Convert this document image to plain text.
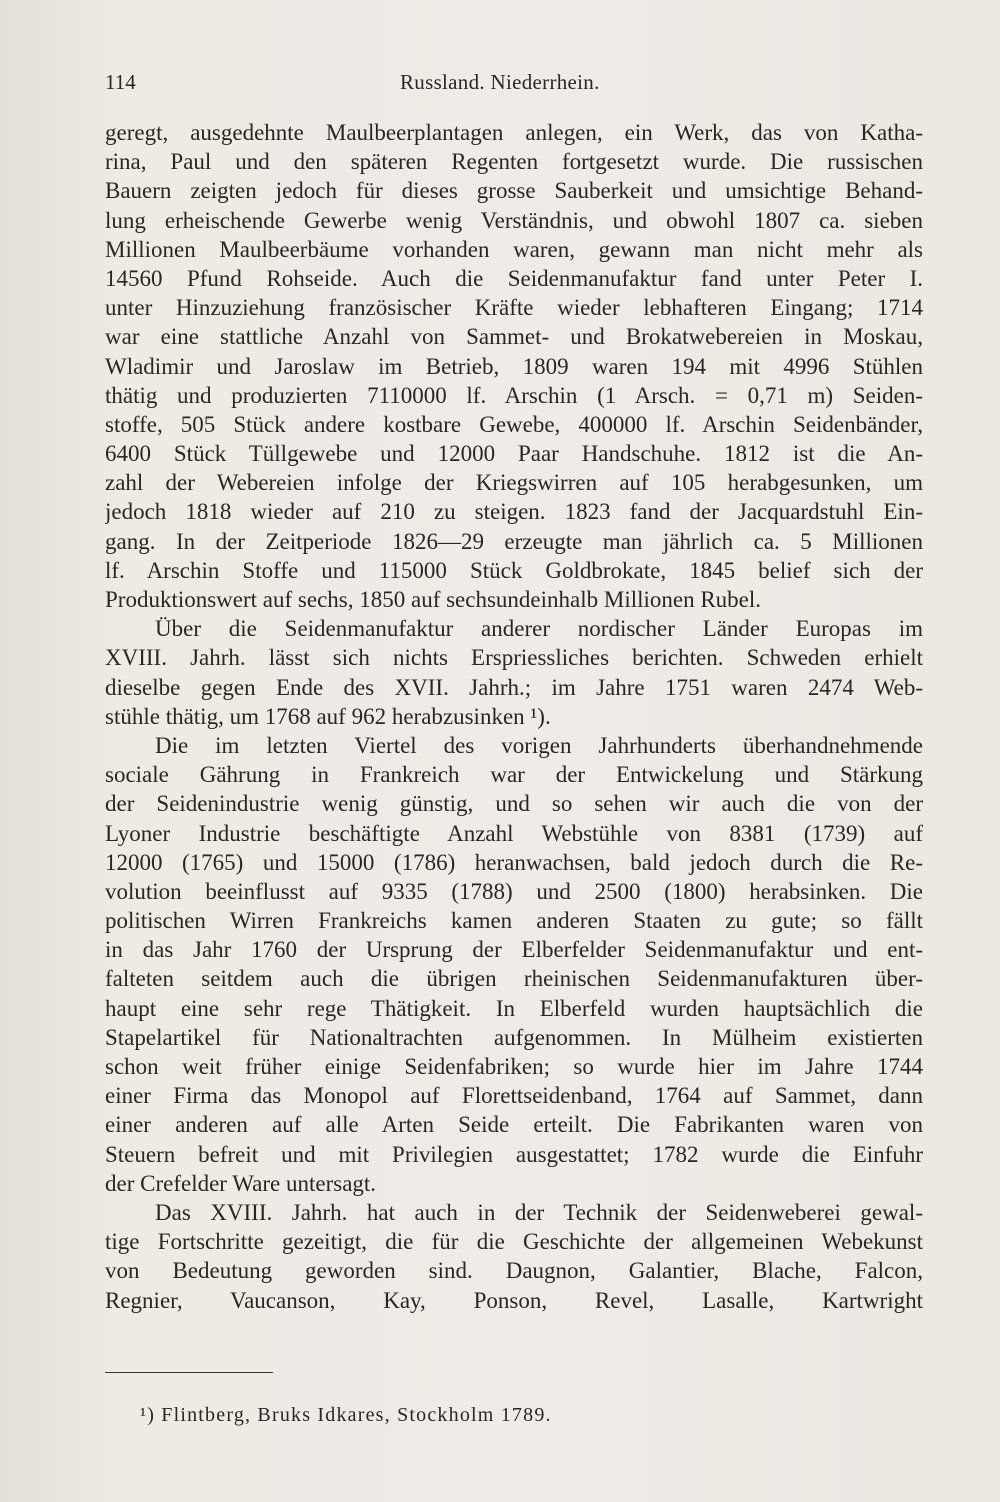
114	Russland. Niederrhein.
geregt, ausgedehnte Maulbeerplantagen anlegen, ein Werk, das von Katha-
rina, Paul und den späteren Regenten fortgesetzt wurde. Die russischen
Bauern zeigten jedoch für dieses grosse Sauberkeit und umsichtige Behand-
lung erheischende Gewerbe wenig Verständnis, und obwohl 1807 ca. sieben
Millionen Maulbeerbäume vorhanden waren, gewann man nicht mehr als
14560 Pfund Rohseide. Auch die Seidenmanufaktur fand unter Peter I.
unter Hinzuziehung französischer Kräfte wieder lebhafteren Eingang; 1714
war eine stattliche Anzahl von Sammet- und Brokatwebereien in Moskau,
Wladimir und Jaroslaw im Betrieb, 1809 waren 194 mit 4996 Stühlen
thätig und produzierten 7110000 lf. Arschin (1 Arsch. = 0,71 m) Seiden-
stoffe, 505 Stück andere kostbare Gewebe, 400000 lf. Arschin Seidenbänder,
6400 Stück Tüllgewebe und 12000 Paar Handschuhe. 1812 ist die An-
zahl der Webereien infolge der Kriegswirren auf 105 herabgesunken, um
jedoch 1818 wieder auf 210 zu steigen. 1823 fand der Jacquardstuhl Ein-
gang. In der Zeitperiode 1826—29 erzeugte man jährlich ca. 5 Millionen
lf. Arschin Stoffe und 115000 Stück Goldbrokate, 1845 belief sich der
Produktionswert auf sechs, 1850 auf sechsundeinhalb Millionen Rubel.
Über die Seidenmanufaktur anderer nordischer Länder Europas im
XVIII. Jahrh. lässt sich nichts Erspriessliches berichten. Schweden erhielt
dieselbe gegen Ende des XVII. Jahrh.; im Jahre 1751 waren 2474 Web-
stühle thätig, um 1768 auf 962 herabzusinken ¹).
Die im letzten Viertel des vorigen Jahrhunderts überhandnehmende
sociale Gährung in Frankreich war der Entwickelung und Stärkung
der Seidenindustrie wenig günstig, und so sehen wir auch die von der
Lyoner Industrie beschäftigte Anzahl Webstühle von 8381 (1739) auf
12000 (1765) und 15000 (1786) heranwachsen, bald jedoch durch die Re-
volution beeinflusst auf 9335 (1788) und 2500 (1800) herabsinken. Die
politischen Wirren Frankreichs kamen anderen Staaten zu gute; so fällt
in das Jahr 1760 der Ursprung der Elberfelder Seidenmanufaktur und ent-
falteten seitdem auch die übrigen rheinischen Seidenmanufakturen über-
haupt eine sehr rege Thätigkeit. In Elberfeld wurden hauptsächlich die
Stapelartikel für Nationaltrachten aufgenommen. In Mülheim existierten
schon weit früher einige Seidenfabriken; so wurde hier im Jahre 1744
einer Firma das Monopol auf Florettseidenband, 1764 auf Sammet, dann
einer anderen auf alle Arten Seide erteilt. Die Fabrikanten waren von
Steuern befreit und mit Privilegien ausgestattet; 1782 wurde die Einfuhr
der Crefelder Ware untersagt.
Das XVIII. Jahrh. hat auch in der Technik der Seidenweberei gewal-
tige Fortschritte gezeitigt, die für die Geschichte der allgemeinen Webekunst
von Bedeutung geworden sind. Daugnon, Galantier, Blache, Falcon,
Regnier, Vaucanson, Kay, Ponson, Revel, Lasalle, Kartwright
¹) Flintberg, Bruks Idkares, Stockholm 1789.
